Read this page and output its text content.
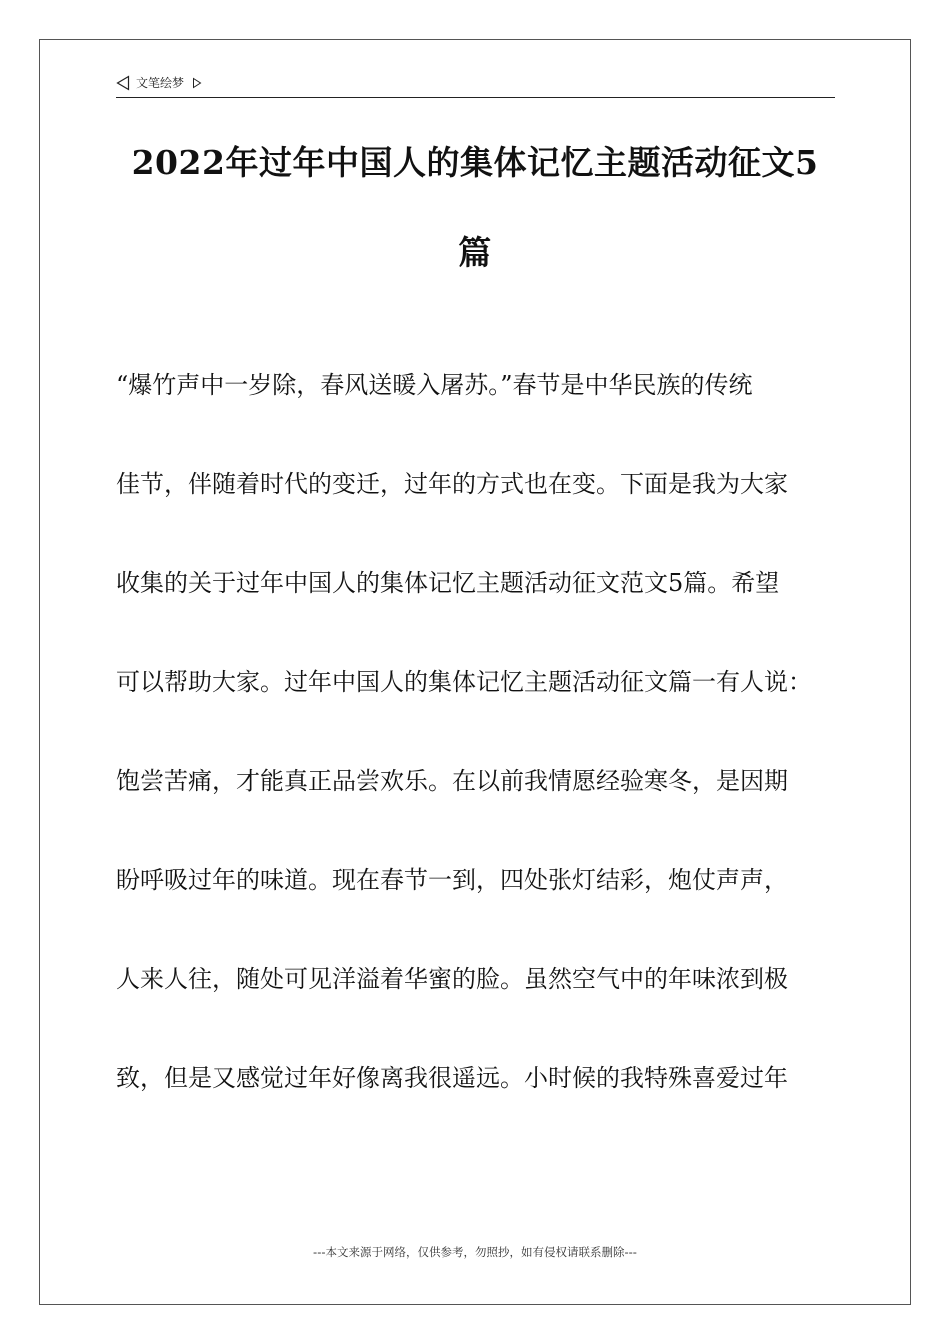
文笔绘梦
2022年过年中国人的集体记忆主题活动征文5
篇
“爆竹声中一岁除，春风送暖入屠苏。”春节是中华民族的传统
佳节，伴随着时代的变迁，过年的方式也在变。下面是我为大家
收集的关于过年中国人的集体记忆主题活动征文范文5篇。希望
可以帮助大家。过年中国人的集体记忆主题活动征文篇一有人说：
饱尝苦痛，才能真正品尝欢乐。在以前我情愿经验寒冬，是因期
盼呼吸过年的味道。现在春节一到，四处张灯结彩，炮仗声声，
人来人往，随处可见洋溢着华蜜的脸。虽然空气中的年味浓到极
致，但是又感觉过年好像离我很遥远。小时候的我特殊喜爱过年
---本文来源于网络，仅供参考，勿照抄，如有侵权请联系删除---
